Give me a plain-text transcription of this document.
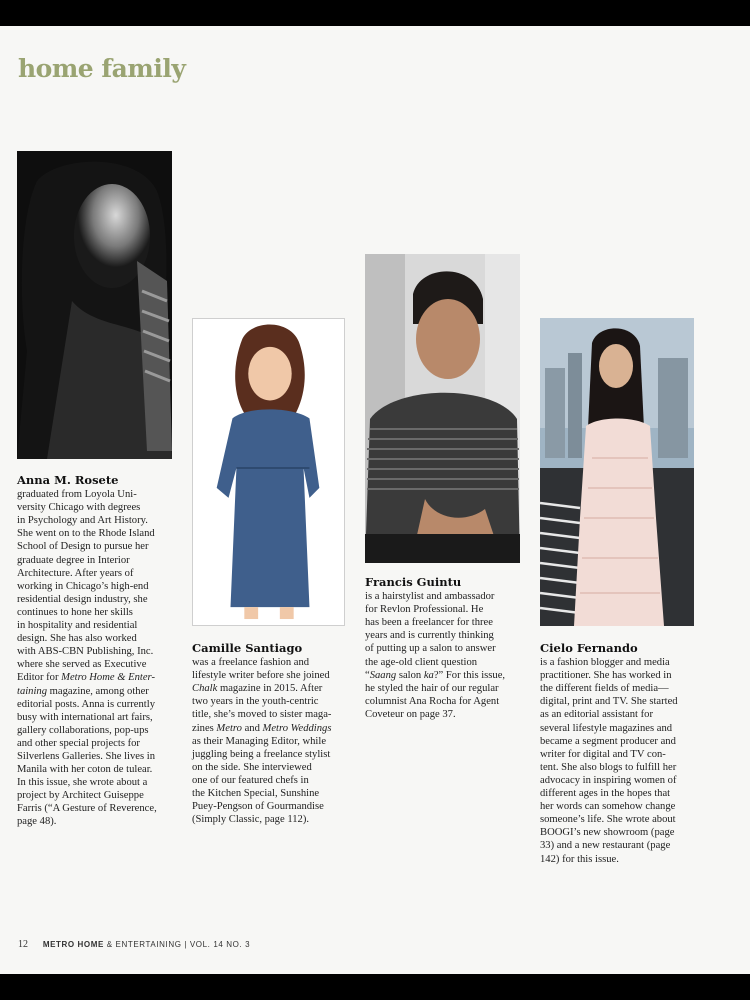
home family
Anna M. Rosete
graduated from Loyola Uni-
versity Chicago with degrees
in Psychology and Art History.
She went on to the Rhode Island
School of Design to pursue her
graduate degree in Interior
Architecture. After years of
working in Chicago’s high-end
residential design industry, she
continues to hone her skills
in hospitality and residential
design. She has also worked
with ABS-CBN Publishing, Inc.
where she served as Executive
Editor for Metro Home & Enter-
taining magazine, among other
editorial posts. Anna is currently
busy with international art fairs,
gallery collaborations, pop-ups
and other special projects for
Silverlens Galleries. She lives in
Manila with her coton de tulear.
In this issue, she wrote about a
project by Architect Guiseppe
Farris (“A Gesture of Reverence,
page 48).
Camille Santiago
was a freelance fashion and
lifestyle writer before she joined
Chalk magazine in 2015. After
two years in the youth-centric
title, she’s moved to sister maga-
zines Metro and Metro Weddings
as their Managing Editor, while
juggling being a freelance stylist
on the side. She interviewed
one of our featured chefs in
the Kitchen Special, Sunshine
Puey-Pengson of Gourmandise
(Simply Classic, page 112).
Francis Guintu
is a hairstylist and ambassador
for Revlon Professional. He
has been a freelancer for three
years and is currently thinking
of putting up a salon to answer
the age-old client question
“Saang salon ka?” For this issue,
he styled the hair of our regular
columnist Ana Rocha for Agent
Coveteur on page 37.
Cielo Fernando
is a fashion blogger and media
practitioner. She has worked in
the different fields of media—
digital, print and TV. She started
as an editorial assistant for
several lifestyle magazines and
became a segment producer and
writer for digital and TV con-
tent. She also blogs to fulfill her
advocacy in inspiring women of
different ages in the hopes that
her words can somehow change
someone’s life. She wrote about
BOOGI’s new showroom (page
33) and a new restaurant (page
142) for this issue.
12 METRO HOME & ENTERTAINING | VOL. 14 NO. 3
